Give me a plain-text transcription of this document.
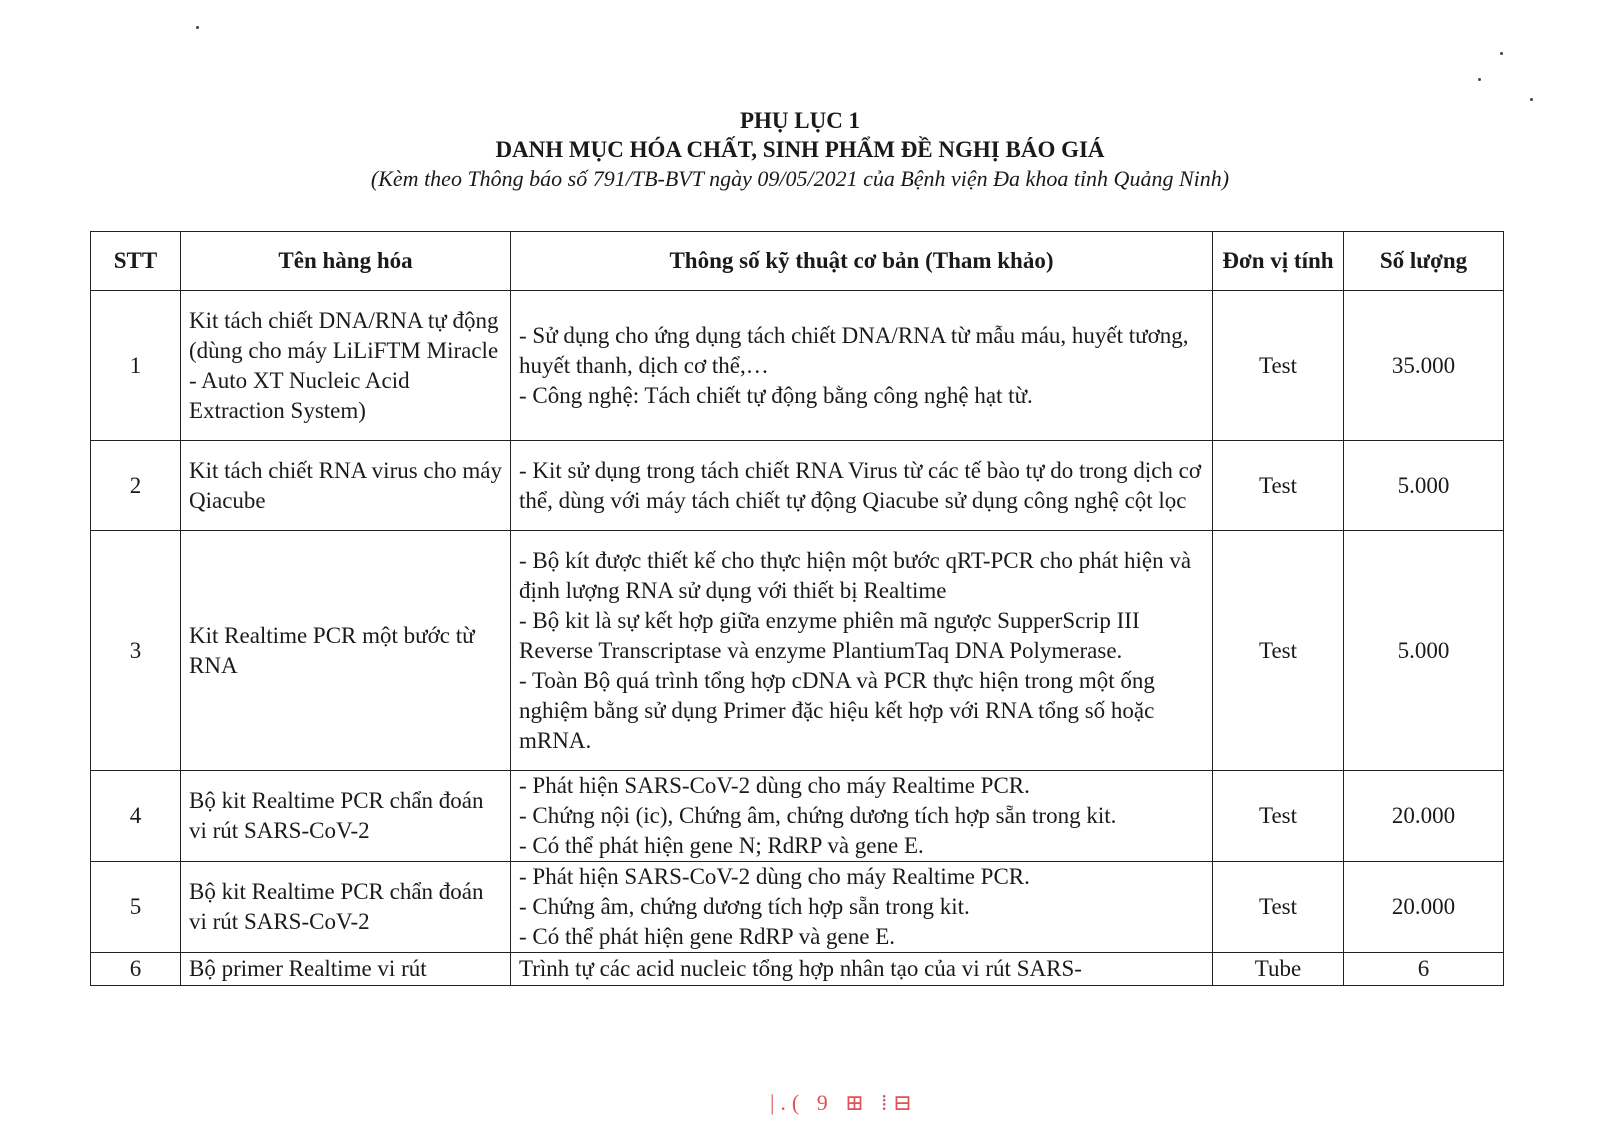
PHỤ LỤC 1
DANH MỤC HÓA CHẤT, SINH PHẨM ĐỀ NGHỊ BÁO GIÁ
(Kèm theo Thông báo số 791/TB-BVT ngày 09/05/2021 của Bệnh viện Đa khoa tỉnh Quảng Ninh)
STT	Tên hàng hóa	Thông số kỹ thuật cơ bản (Tham khảo)	Đơn vị tính	Số lượng
1	Kit tách chiết DNA/RNA tự động (dùng cho máy LiLiFTM Miracle - Auto XT Nucleic Acid Extraction System)	- Sử dụng cho ứng dụng tách chiết DNA/RNA từ mẫu máu, huyết tương, huyết thanh, dịch cơ thể,…
- Công nghệ: Tách chiết tự động bằng công nghệ hạt từ.	Test	35.000
2	Kit tách chiết RNA virus cho máy Qiacube	- Kit sử dụng trong tách chiết RNA Virus từ các tế bào tự do trong dịch cơ thể, dùng với máy tách chiết tự động Qiacube sử dụng công nghệ cột lọc	Test	5.000
3	Kit Realtime PCR một bước từ RNA	- Bộ kít được thiết kế cho thực hiện một bước qRT-PCR cho phát hiện và định lượng RNA sử dụng với thiết bị Realtime
- Bộ kit là sự kết hợp giữa enzyme phiên mã ngược SupperScrip III Reverse Transcriptase và enzyme PlantiumTaq DNA Polymerase.
- Toàn Bộ quá trình tổng hợp cDNA và PCR thực hiện trong một ống nghiệm bằng sử dụng Primer đặc hiệu kết hợp với RNA tổng số hoặc mRNA.	Test	5.000
4	Bộ kit Realtime PCR chẩn đoán vi rút SARS-CoV-2	- Phát hiện SARS-CoV-2 dùng cho máy Realtime PCR.
- Chứng nội (ic), Chứng âm, chứng dương tích hợp sẵn trong kit.
- Có thể phát hiện gene N; RdRP và gene E.	Test	20.000
5	Bộ kit Realtime PCR chẩn đoán vi rút SARS-CoV-2	- Phát hiện SARS-CoV-2 dùng cho máy Realtime PCR.
- Chứng âm, chứng dương tích hợp sẵn trong kit.
- Có thể phát hiện gene RdRP và gene E.	Test	20.000
6	Bộ primer Realtime vi rút	Trình tự các acid nucleic tổng hợp nhân tạo của vi rút SARS-	Tube	6
|.( 9 ⊞ ⁞⊟
